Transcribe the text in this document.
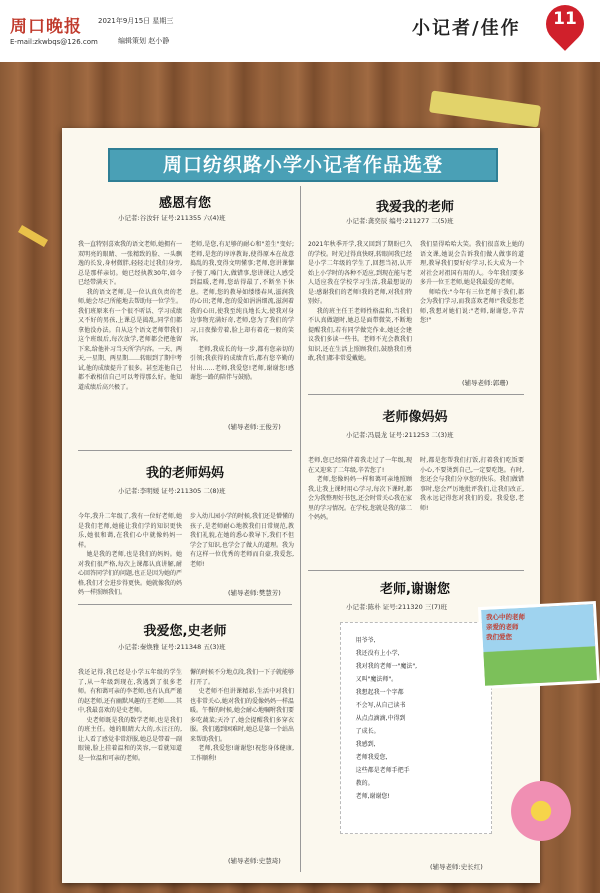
周口晚报 2021年9月15日 星期三
E-mail:zkwbqs@126.com	编辑策划 赵小静
小记者/佳作	11
周口纺织路小学小记者作品选登
感恩有您
小记者:谷汝轩 证号:211355 六(4)班
我一直特别喜欢我的语文老师,她拥有一双明亮的眼睛、一张精致的脸、一头飘逸的长发,身材微胖,轻轻走过我们身旁,总是那样亲切。她已经执教30年,如今已经带满天下。
我的语文老师,是一位认真负责的老师,她会尽己所能地去帮助每一位学生。我们班原来有一个很不听话、学习成绩又不好的男孩,上课总是捣乱,同学们都拿他没办法。自从这个语文老师带我们这个班级后,每次放学,老师都会把他留下来,给他补习当天所学内容。一天、两天,一星期、两星期……转眼到了期中考试,他的成绩提升了很多。甚至连他自己都不敢相信自己可以考得那么好。他知道成绩后高兴极了。
老师,是您,有足够的耐心和"差生"变好;老师,是您的谆谆教诲,使得原本在故意捣乱的我,变得文明懂事;老师,您讲课慷子慢了,嗓门大,做错事,您讲课让人感受到温暖,老师,您站得最了,不断坐下休息。老师,您的教导如缕缕春风,滋润我的心田;老师,您的爱如涓涓细流,滋润着我的心田,使我至纯良地长大,使我对身边事物充满好奇,老师,您为了我们的学习,日夜操劳着,脸上却有着花一般的笑容。
老师,我成长的每一步,都有您亲切的引领;我获得的成绩背后,都有您辛勤的付出……老师,我爱您!老师,谢谢您!感谢您一路的陪伴与鼓励。
(辅导老师:王俊芳)
我爱我的老师
小记者:龚奕辰 编号:211277 二(5)班
2021年秋季开学,我又回到了期盼已久的学校。时光过得真快呀,转眼间我已经是小学二年级的学生了,回想当初,认开始上小学时的各种不适应,到现在能与老人适应我在学校学习生活,我最想说的是:感谢我们的老师!我的老师,对我们特别好。
我的班主任王老师性格温和,当我们不认真做题时,她总是面带微笑,不断地提醒我们,若有同学做完作业,她还会建议我们多读一些书。老师不光会教我们知识,还在生活上照顾我们,鼓励我们勇敢,我们都非常爱戴她。
我们显得哈哈大笑。我们很喜欢上她的语文课,她说会告诉我们做人做事的道理,教导我们要好好学习,长大成为一个对社会对祖国有用的人。今年我们要多多升一位王老师,她是我最爱的老师。
师哈伐:"今年有三位老师于我们,都会为我们学习,而我喜欢老师!"我爱您老师,我想对她们说:"老师,谢谢您,辛苦您!"
(辅导老师:郭珊)
我的老师妈妈
小记者:李明媛 证号:211305 二(8)班
今年,我升二年级了,我有一位好老师,她是我们老师,她能让我们学的知识更快乐,她很和蔼,在我们心中就像妈妈一样。
她是我的老师,也是我们的妈妈。她对我们很严格,每次上课都认真讲解,耐心回答同学们的问题,也正是因为她的严格,我们才会进步得更快。她就像我的妈妈一样照顾我们。
步入幼儿园小学的时候,我们还是懵懂的孩子,是老师耐心地教我们日常规范,教我们礼貌,在她的悉心教导下,我们不但学会了知识,也学会了做人的道理。我为有这样一位优秀的老师而自豪,我爱您,老师!
(辅导老师:樊慧芳)
老师像妈妈
小记者:冯晨龙 证号:211253 二(3)班
老师,您已经陪伴着我走过了一年级,现在又迎来了二年级,辛苦您了!
老师,您像妈妈一样和蔼可亲地照顾我,让我上课时用心学习,每次下课时,都会为我整理好书包,还会时常关心我在家里的学习情况。在学校,您就是我的第二个妈妈。
时,都是您帮我们打饭,打着我们吃饭要小心,不要烫到自己,一定要吃饱。有时,您还会与我们分享您的快乐。我们做错事时,您会严厉地批评我们,让我们改正,我永远记得您对我们的爱。我爱您,老师!
我爱您,史老师
小记者:秦焕雅 证号:211348 五(3)班
我还记得,我已经是小学五年级的学生了,从一年级到现在,我遇到了很多老师。有和蔼可亲的李老师,也有认真严谨的赵老师,还有幽默风趣的王老师……其中,我最喜欢的是史老师。
史老师既是我的数学老师,也是我们的班主任。她的眼睛大大的,水汪汪的,让人看了感觉非常舒服,她总是带着一副眼镜,脸上挂着温和的笑容,一看就知道是一位温和可亲的老师。
懈的时候不分地点段,我们一下子就能够打开了。
史老师不但讲课精彩,生活中对我们也非常关心,她对我们的爱像妈妈一样温暖。午餐的时候,她会耐心地嘱咐我们要多吃蔬菜;天冷了,她会提醒我们多穿衣服。我们遇到困难时,她总是第一个站出来帮助我们。
老师,我爱您!谢谢您!祝您身体健康,工作顺利!
(辅导老师:史慧琦)
老师,谢谢您
小记者:陈朴 证号:211320 三(7)班
用爷爷,
我还没有上小学,
我对我的老师一"魔法",
又叫"魔法师"。
我想起我一个字都
不会写,从自己读书
从点点滴滴,中得到
了成长。
我感到,
老师我爱您,
这些都是老师手把手
教的。
老师,谢谢您!
(辅导老师:史长红)
我心中的老师
亲爱的老师
我们爱您
